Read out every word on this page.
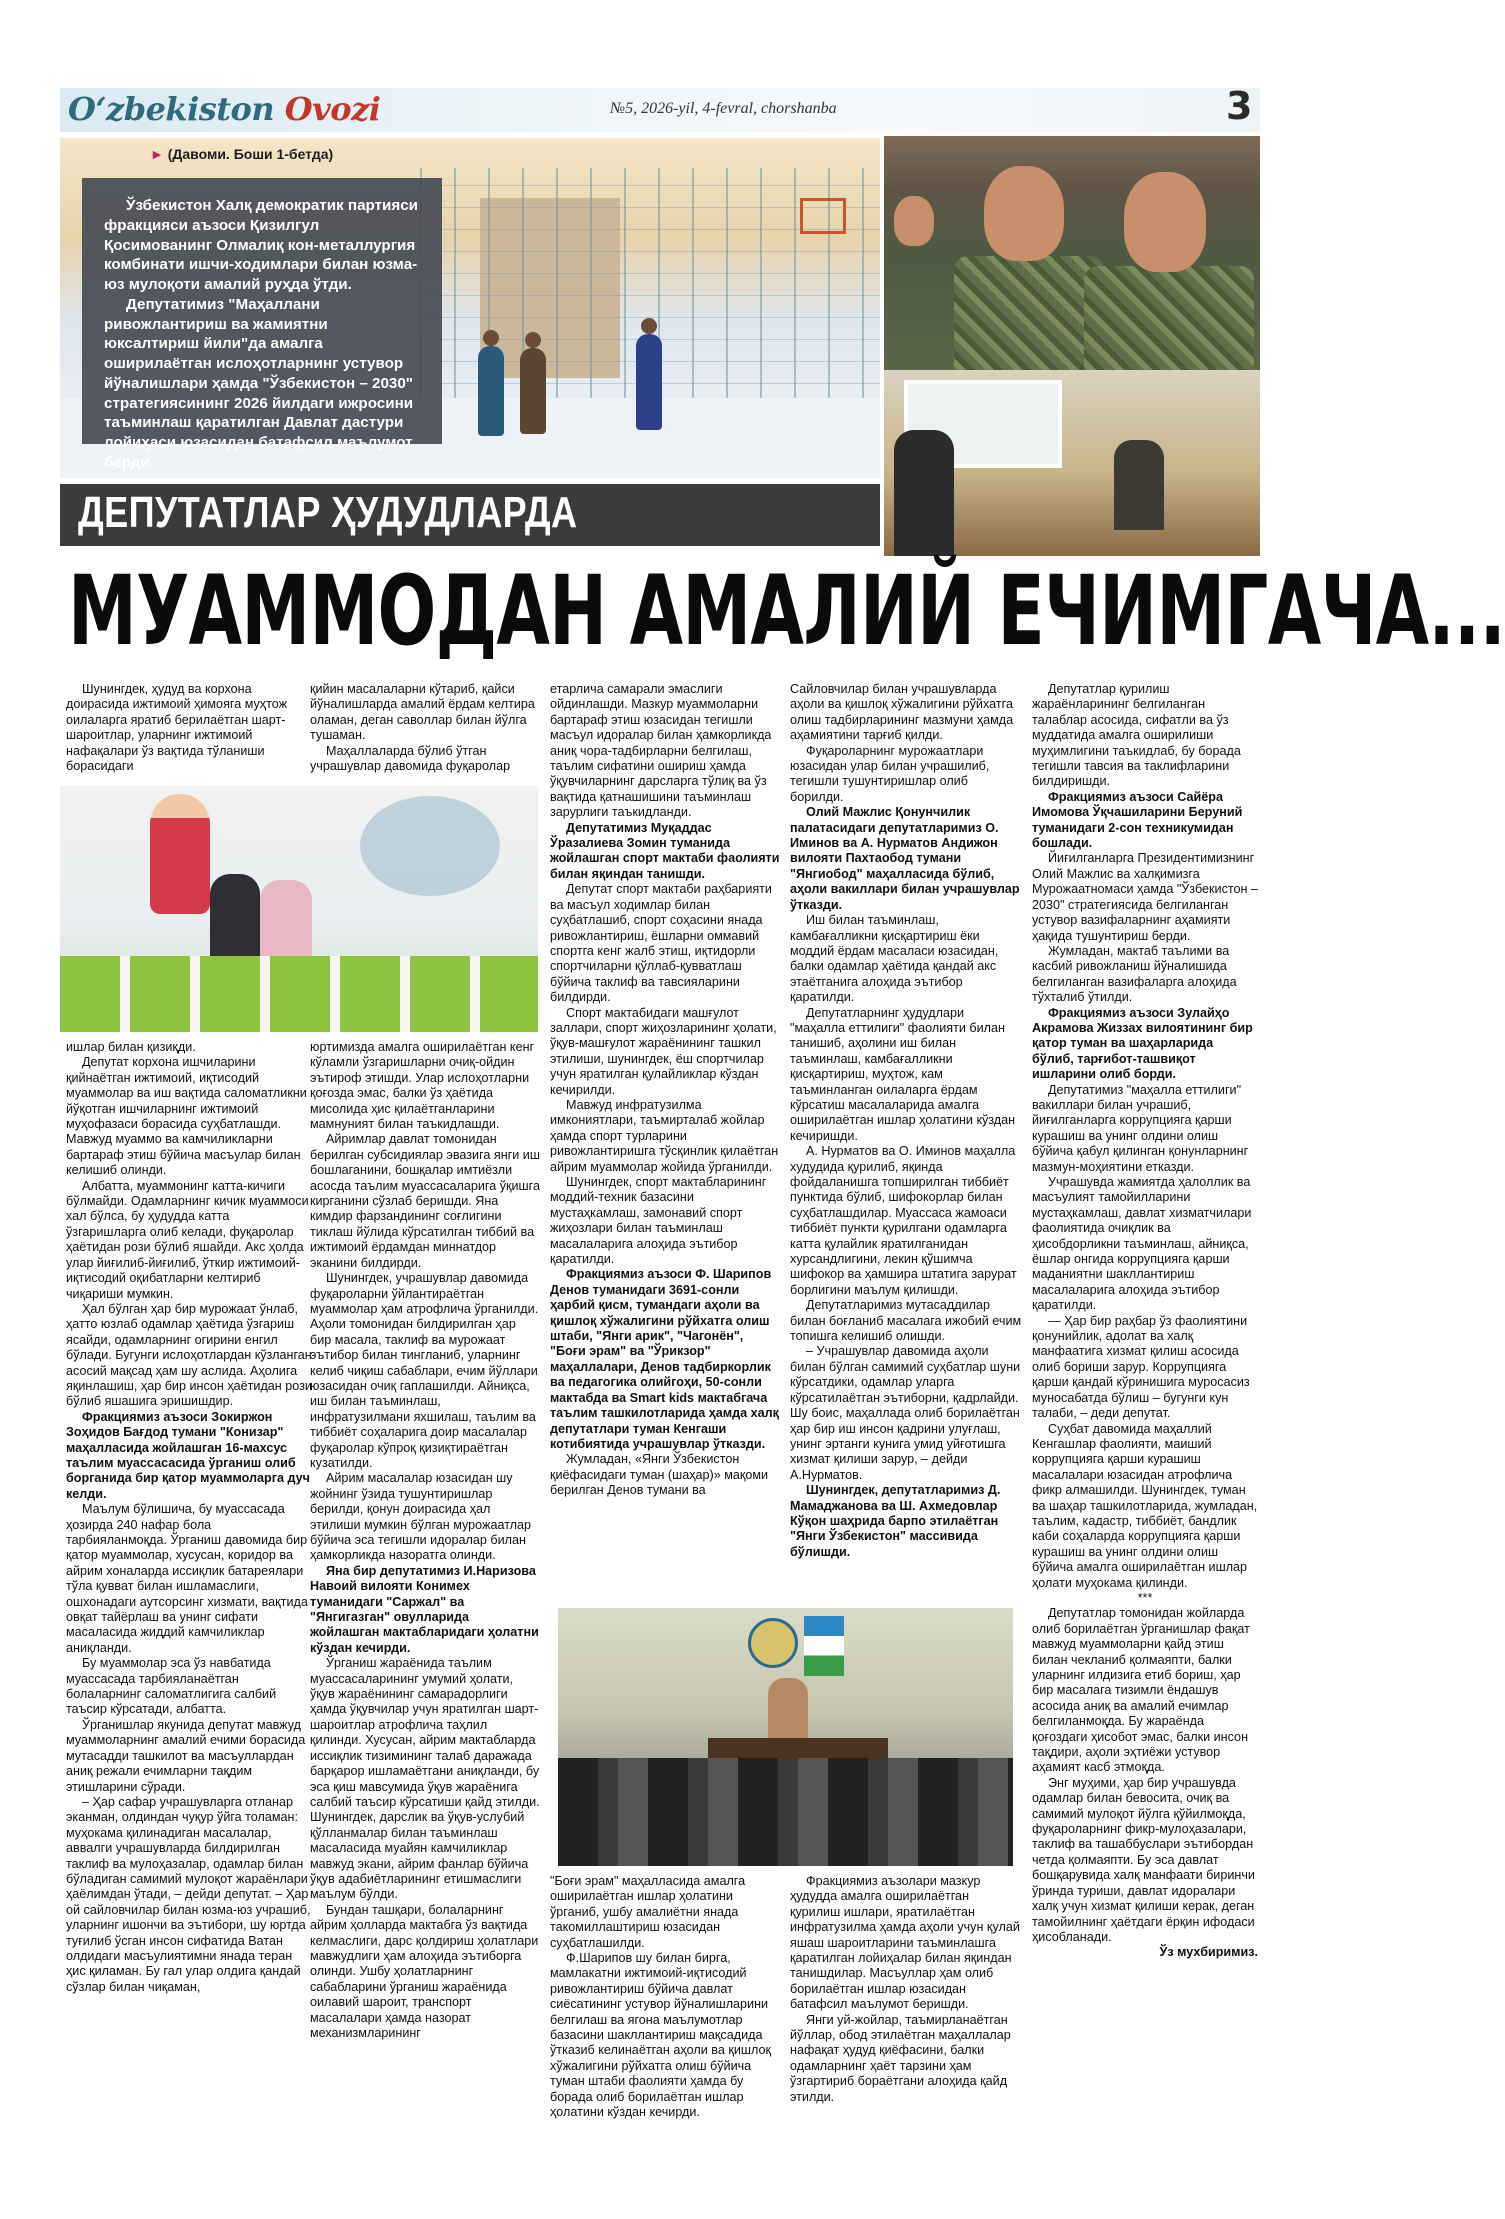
O‘zbekiston Ovozi	№5, 2026-yil, 4-fevral, chorshanba	3
► (Давоми. Боши 1-бетда)

Ўзбекистон Халқ демократик партияси фракцияси аъзоси Қизилгул Қосимованинг Олмалиқ кон-металлургия комбинати ишчи-ходимлари билан юзма-юз мулоқоти амалий руҳда ўтди.

Депутатимиз "Маҳаллани ривожлантириш ва жамиятни юксалтириш йили"да амалга оширилаётган ислоҳотларнинг устувор йўналишлари ҳамда "Ўзбекистон – 2030" стратегиясининг 2026 йилдаги ижросини таъминлаш қаратилган Давлат дастури лойиҳаси юзасидан батафсил маълумот берди.

ДЕПУТАТЛАР ҲУДУДЛАРДА
МУАММОДАН АМАЛИЙ ЕЧИМГАЧА...

Шунингдек, ҳудуд ва корхона доирасида ижтимоий ҳимояга муҳтож оилаларга яратиб берилаётган шарт-шароитлар, уларнинг ижтимоий нафақалари ўз вақтида тўланиши борасидаги

қийин масалаларни кўтариб, қайси йўналишларда амалий ёрдам келтира оламан, деган саволлар билан йўлга тушаман.

Маҳаллаларда бўлиб ўтган учрашувлар давомида фуқаролар

ишлар билан қизиқди.

Депутат корхона ишчиларини қийнаётган ижтимоий, иқтисодий муаммолар ва иш вақтида саломатликни йўқотган ишчиларнинг ижтимоий муҳофазаси борасида суҳбатлашди. Мавжуд муаммо ва камчиликларни бартараф этиш бўйича масъулар билан келишиб олинди.

Албатта, муаммонинг катта-кичиги бўлмайди. Одамларнинг кичик муаммоси хал бўлса, бу ҳудудда катта ўзгаришларга олиб келади, фуқаролар ҳаётидан рози бўлиб яшайди. Акс ҳолда улар йиғилиб-йиғилиб, ўткир ижтимоий-иқтисодий оқибатларни келтириб чиқариши мумкин.

Ҳал бўлган ҳар бир мурожаат ўнлаб, ҳатто юзлаб одамлар ҳаётида ўзгариш ясайди, одамларнинг огирини енгил бўлади. Бугунги ислоҳотлардан кўзланган асосий мақсад ҳам шу аслида. Аҳолига яқинлашиш, ҳар бир инсон ҳаётидан рози бўлиб яшашига эришишдир.

Фракциямиз аъзоси Зокиржон Зоҳидов Бағдод тумани "Конизар" маҳалласида жойлашган 16-махсус таълим муассасасида ўрганиш олиб борганида бир қатор муаммоларга дуч келди.

Маълум бўлишича, бу муассасада ҳозирда 240 нафар бола тарбияланмоқда. Ўрганиш давомида бир қатор муаммолар, хусусан, коридор ва айрим хоналарда иссиқлик батареялари тўла қувват билан ишламаслиги, ошхонадаги аутсорсинг хизмати, вақтида овқат тайёрлаш ва унинг сифати масаласида жиддий камчиликлар аниқланди.

Бу муаммолар эса ўз навбатида муассасада тарбияланаётган болаларнинг саломатлигига салбий таъсир кўрсатади, албатта.

Ўрганишлар якунида депутат мавжуд муаммоларнинг амалий ечими борасида мутасадди ташкилот ва масъуллардан аниқ режали ечимларни тақдим этишларини сўради.

– Ҳар сафар учрашувларга отланар эканман, олдиндан чуқур ўйга толаман: муҳокама қилинадиган масалалар, аввалги учрашувларда билдирилган таклиф ва мулоҳазалар, одамлар билан бўладиган самимий мулоқот жараёнлари ҳаёлимдан ўтади, – дейди депутат. – Ҳар ой сайловчилар билан юзма-юз учрашиб, уларнинг ишончи ва эътибори, шу юртда туғилиб ўсган инсон сифатида Ватан олдидаги масъулиятимни янада теран ҳис қиламан. Бу гал улар олдига қандай сўзлар билан чиқаман,

юртимизда амалга оширилаётган кенг кўламли ўзгаришларни очиқ-ойдин эътироф этишди. Улар ислоҳотларни қоғозда эмас, балки ўз ҳаётида мисолида ҳис қилаётганларини мамнуният билан таъкидлашди.

Айримлар давлат томонидан берилган субсидиялар эвазига янги иш бошлаганини, бошқалар имтиёзли асосда таълим муассасаларига ўқишга кирганини сўзлаб беришди. Яна кимдир фарзандининг соғлигини тиклаш йўлида кўрсатилган тиббий ва ижтимоий ёрдамдан миннатдор эканини билдирди.

Шунингдек, учрашувлар давомида фуқароларни ўйлантираётган муаммолар ҳам атрофлича ўрганилди. Аҳоли томонидан билдирилган ҳар бир масала, таклиф ва мурожаат эътибор билан тингланиб, уларнинг келиб чиқиш сабаблари, ечим йўллари юзасидан очиқ гаплашилди. Айниқса, иш билан таъминлаш, инфратузилмани яхшилаш, таълим ва тиббиёт соҳаларига доир масалалар фуқаролар кўпроқ қизиқтираётган кузатилди.

Айрим масалалар юзасидан шу жойнинг ўзида тушунтиришлар берилди, қонун доирасида ҳал этилиши мумкин бўлган мурожаатлар бўйича эса тегишли идоралар билан ҳамкорликда назоратга олинди.

Яна бир депутатимиз И.Наризова Навоий вилояти Конимех туманидаги "Саржал" ва "Янгигазган" овулларида жойлашган мактабларидаги ҳолатни кўздан кечирди.

Ўрганиш жараёнида таълим муассасаларининг умумий ҳолати, ўқув жараёнининг самарадорлиги ҳамда ўқувчилар учун яратилган шарт-шароитлар атрофлича таҳлил қилинди. Хусусан, айрим мактабларда иссиқлик тизимининг талаб даражада барқарор ишламаётгани аниқланди, бу эса қиш мавсумида ўқув жараёнига салбий таъсир кўрсатиши қайд этилди. Шунингдек, дарслик ва ўқув-услубий қўлланмалар билан таъминлаш масаласида муайян камчиликлар мавжуд экани, айрим фанлар бўйича ўқув адабиётларининг етишмаслиги маълум бўлди.

Бундан ташқари, болаларнинг айрим ҳолларда мактабга ўз вақтида келмаслиги, дарс қолдириш ҳолатлари мавжудлиги ҳам алоҳида эътиборга олинди. Ушбу ҳолатларнинг сабабларини ўрганиш жараёнида оилавий шароит, транспорт масалалари ҳамда назорат механизмларининг

етарлича самарали эмаслиги ойдинлашди. Мазкур муаммоларни бартараф этиш юзасидан тегишли масъул идоралар билан ҳамкорликда аниқ чора-тадбирларни белгилаш, таълим сифатини ошириш ҳамда ўқувчиларнинг дарсларга тўлиқ ва ўз вақтида қатнашишини таъминлаш зарурлиги таъкидланди.

Депутатимиз Муқаддас Ўразалиева Зомин туманида жойлашган спорт мактаби фаолияти билан яқиндан танишди.

Депутат спорт мактаби раҳбарияти ва масъул ходимлар билан суҳбатлашиб, спорт соҳасини янада ривожлантириш, ёшларни оммавий спортга кенг жалб этиш, иқтидорли спортчиларни қўллаб-қувватлаш бўйича таклиф ва тавсияларини билдирди.

Спорт мактабидаги машғулот заллари, спорт жиҳозларининг ҳолати, ўқув-машғулот жараёнининг ташкил этилиши, шунингдек, ёш спортчилар учун яратилган қулайликлар кўздан кечирилди.

Мавжуд инфратузилма имкониятлари, таъмирталаб жойлар ҳамда спорт турларини ривожлантиришга тўсқинлик қилаётган айрим муаммолар жойида ўрганилди.

Шунингдек, спорт мактабларининг моддий-техник базасини мустаҳкамлаш, замонавий спорт жиҳозлари билан таъминлаш масалаларига алоҳида эътибор қаратилди.

Фракциямиз аъзоси Ф. Шарипов Денов туманидаги 3691-сонли ҳарбий қисм, тумандаги аҳоли ва қишлоқ хўжалигини рўйхатга олиш штаби, "Янги арик", "Чагонён", "Боғи эрам" ва "Ўрикзор" маҳаллалари, Денов тадбиркорлик ва педагогика олийгоҳи, 50-сонли мактабда ва Smart kids мактабгача таълим ташкилотларида ҳамда халқ депутатлари туман Кенгаши котибиятида учрашувлар ўтказди.

Жумладан, «Янги Ўзбекистон қиёфасидаги туман (шаҳар)» мақоми берилган Денов тумани ва

Сайловчилар билан учрашувларда аҳоли ва қишлоқ хўжалигини рўйхатга олиш тадбирларининг мазмуни ҳамда аҳамиятини тарғиб қилди.

Фуқароларнинг мурожаатлари юзасидан улар билан учрашилиб, тегишли тушунтиришлар олиб борилди.

Олий Мажлис Қонунчилик палатасидаги депутатларимиз О. Иминов ва А. Нурматов Андижон вилояти Пахтаобод тумани "Янгиобод" маҳалласида бўлиб, аҳоли вакиллари билан учрашувлар ўтказди.

Иш билан таъминлаш, камбағалликни қисқартириш ёки моддий ёрдам масаласи юзасидан, балки одамлар ҳаётида қандай акс этаётганига алоҳида эътибор қаратилди.

Депутатларнинг ҳудудлари "маҳалла еттилиги" фаолияти билан танишиб, аҳолини иш билан таъминлаш, камбағалликни қисқартириш, муҳтож, кам таъминланган оилаларга ёрдам кўрсатиш масалаларида амалга оширилаётган ишлар ҳолатини кўздан кечиришди.

А. Нурматов ва О. Иминов маҳалла худудида қурилиб, яқинда фойдаланишга топширилган тиббиёт пунктида бўлиб, шифокорлар билан суҳбатлашдилар. Муассаса жамоаси тиббиёт пункти қурилгани одамларга катта қулайлик яратилганидан хурсандлигини, лекин қўшимча шифокор ва ҳамшира штатига зарурат борлигини маълум қилишди.

Депутатларимиз мутасаддилар билан боғланиб масалага ижобий ечим топишга келишиб олишди.

– Учрашувлар давомида аҳоли билан бўлган самимий суҳбатлар шуни кўрсатдики, одамлар уларга кўрсатилаётган эътиборни, қадрлайди. Шу боис, маҳаллада олиб борилаётган ҳар бир иш инсон қадрини улуғлаш, унинг эртанги кунига умид уйғотишга хизмат қилиши зарур, – дейди А.Нурматов.

Шунингдек, депутатларимиз Д. Мамаджанова ва Ш. Ахмедовлар Кўқон шаҳрида барпо этилаётган "Янги Ўзбекистон" массивида бўлишди.

Депутатлар қурилиш жараёнларининг белгиланган талаблар асосида, сифатли ва ўз муддатида амалга оширилиши муҳимлигини таъкидлаб, бу борада тегишли тавсия ва таклифларини билдиришди.

Фракциямиз аъзоси Сайёра Имомова Ўқчашиларини Беруний туманидаги 2-сон техникумидан бошлади.

Йиғилганларга Президентимизнинг Олий Мажлис ва халқимизга Мурожаатномаси ҳамда "Ўзбекистон – 2030" стратегиясида белгиланган устувор вазифаларнинг аҳамияти ҳақида тушунтириш берди.

Жумладан, мактаб таълими ва касбий ривожланиш йўналишида белгиланган вазифаларга алоҳида тўхталиб ўтилди.

Фракциямиз аъзоси Зулайҳо Акрамова Жиззах вилоятининг бир қатор туман ва шаҳарларида бўлиб, тарғибот-ташвиқот ишларини олиб борди.

Депутатимиз "маҳалла еттилиги" вакиллари билан учрашиб, йиғилганларга коррупцияга қарши курашиш ва унинг олдини олиш бўйича қабул қилинган қонунларнинг мазмун-моҳиятини етказди.

Учрашувда жамиятда ҳалоллик ва масъулият тамойилларини мустаҳкамлаш, давлат хизматчилари фаолиятида очиқлик ва ҳисобдорликни таъминлаш, айниқса, ёшлар онгида коррупцияга қарши маданиятни шакллантириш масалаларига алоҳида эътибор қаратилди.

— Ҳар бир раҳбар ўз фаолиятини қонунийлик, адолат ва халқ манфаатига хизмат қилиш асосида олиб бориши зарур. Коррупцияга қарши қандай кўринишига муросасиз муносабатда бўлиш – бугунги кун талаби, – деди депутат.

Суҳбат давомида маҳаллий Кенгашлар фаолияти, маиший коррупцияга қарши курашиш масалалари юзасидан атрофлича фикр алмашилди. Шунингдек, туман ва шаҳар ташкилотларида, жумладан, таълим, кадастр, тиббиёт, бандлик каби соҳаларда коррупцияга қарши курашиш ва унинг олдини олиш бўйича амалга оширилаётган ишлар ҳолати муҳокама қилинди.

***

Депутатлар томонидан жойларда олиб борилаётган ўрганишлар фақат мавжуд муаммоларни қайд этиш билан чекланиб қолмаяпти, балки уларнинг илдизига етиб бориш, ҳар бир масалага тизимли ёндашув асосида аниқ ва амалий ечимлар белгиланмоқда. Бу жараёнда қоғоздаги ҳисобот эмас, балки инсон тақдири, аҳоли эҳтиёжи устувор аҳамият касб этмоқда.

Энг муҳими, ҳар бир учрашувда одамлар билан бевосита, очиқ ва самимий мулоқот йўлга қўйилмоқда, фуқароларнинг фикр-мулоҳазалари, таклиф ва ташаббуслари эътибордан четда қолмаяпти. Бу эса давлат бошқарувида халқ манфаати биринчи ўринда туриши, давлат идоралари халқ учун хизмат қилиши керак, деган тамойилнинг ҳаётдаги ёрқин ифодаси ҳисобланади.

Ўз мухбиримиз.

"Боғи эрам" маҳалласида амалга оширилаётган ишлар ҳолатини ўрганиб, ушбу амалиётни янада такомиллаштириш юзасидан суҳбатлашилди.

Ф.Шарипов шу билан бирга, мамлакатни ижтимоий-иқтисодий ривожлантириш бўйича давлат сиёсатининг устувор йўналишларини белгилаш ва ягона маълумотлар базасини шакллантириш мақсадида ўтказиб келинаётган аҳоли ва қишлоқ хўжалигини рўйхатга олиш бўйича туман штаби фаолияти ҳамда бу борада олиб борилаётган ишлар ҳолатини кўздан кечирди.

Фракциямиз аъзолари мазкур ҳудудда амалга оширилаётган қурилиш ишлари, яратилаётган инфратузилма ҳамда аҳоли учун қулай яшаш шароитларини таъминлашга қаратилган лойиҳалар билан яқиндан танишдилар. Масъуллар ҳам олиб борилаётган ишлар юзасидан батафсил маълумот беришди.

Янги уй-жойлар, таъмирланаётган йўллар, обод этилаётган маҳаллалар нафақат ҳудуд қиёфасини, балки одамларнинг ҳаёт тарзини ҳам ўзгартириб бораётгани алоҳида қайд этилди.
